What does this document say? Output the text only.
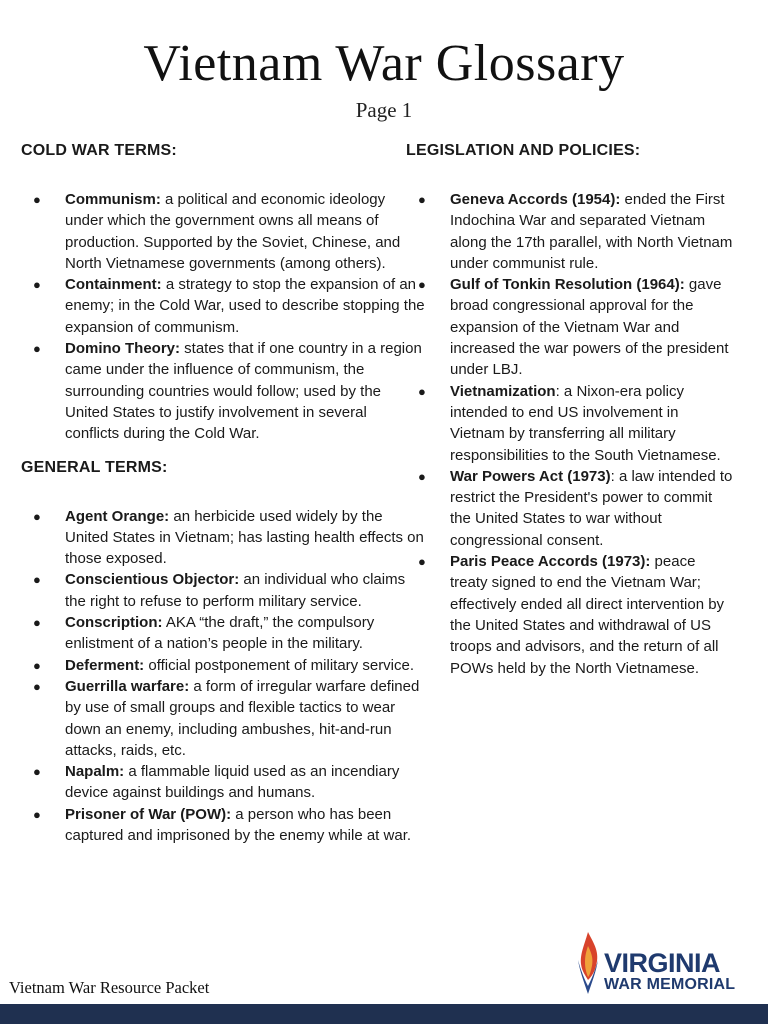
Vietnam War Glossary
Page 1
COLD WAR TERMS:
● Communism: a political and economic ideology under which the government owns all means of production. Supported by the Soviet, Chinese, and North Vietnamese governments (among others).
● Containment: a strategy to stop the expansion of an enemy; in the Cold War, used to describe stopping the expansion of communism.
● Domino Theory: states that if one country in a region came under the influence of communism, the surrounding countries would follow; used by the United States to justify involvement in several conflicts during the Cold War.
GENERAL TERMS:
● Agent Orange: an herbicide used widely by the United States in Vietnam; has lasting health effects on those exposed.
● Conscientious Objector: an individual who claims the right to refuse to perform military service.
● Conscription: AKA “the draft,” the compulsory enlistment of a nation’s people in the military.
● Deferment: official postponement of military service.
● Guerrilla warfare: a form of irregular warfare defined by use of small groups and flexible tactics to wear down an enemy, including ambushes, hit-and-run attacks, raids, etc.
● Napalm: a flammable liquid used as an incendiary device against buildings and humans.
● Prisoner of War (POW): a person who has been captured and imprisoned by the enemy while at war.
LEGISLATION AND POLICIES:
● Geneva Accords (1954): ended the First Indochina War and separated Vietnam along the 17th parallel, with North Vietnam under communist rule.
● Gulf of Tonkin Resolution (1964): gave broad congressional approval for the expansion of the Vietnam War and increased the war powers of the president under LBJ.
● Vietnamization: a Nixon-era policy intended to end US involvement in Vietnam by transferring all military responsibilities to the South Vietnamese.
● War Powers Act (1973): a law intended to restrict the President's power to commit the United States to war without congressional consent.
● Paris Peace Accords (1973): peace treaty signed to end the Vietnam War; effectively ended all direct intervention by the United States and withdrawal of US troops and advisors, and the return of all POWs held by the North Vietnamese.
Vietnam War Resource Packet
VIRGINIA
WAR MEMORIAL
